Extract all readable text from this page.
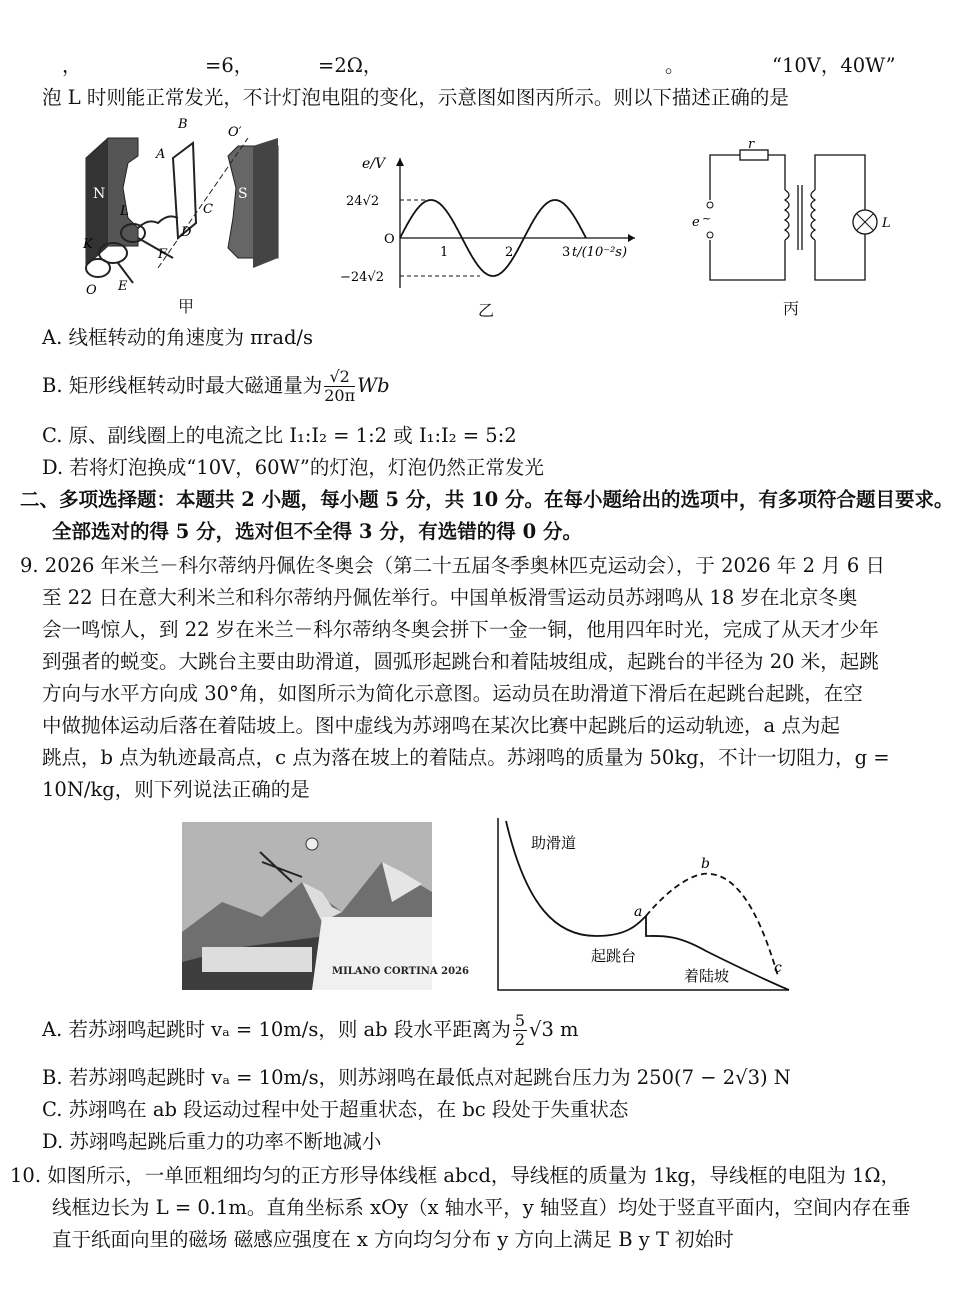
，	=6，	=2Ω，	。	“10V，40W”
泡 L 时则能正常发光，不计灯泡电阻的变化，示意图如图丙所示。则以下描述正确的是
N	S
A
B
C
D
E
F
K
L
O
O′
甲
e/V
24√2
O
−24√2
1	2	3 t/(10⁻²s)
乙
r
e ~	L
丙
A. 线框转动的角速度为 πrad/s
B. 矩形线框转动时最大磁通量为 $\frac{√2}{20\pi}$ Wb
C. 原、副线圈上的电流之比 I₁:I₂ = 1:2 或 I₁:I₂ = 5:2
D. 若将灯泡换成“10V，60W”的灯泡，灯泡仍然正常发光
二、多项选择题：本题共 2 小题，每小题 5 分，共 10 分。在每小题给出的选项中，有多项符合题目要求。
全部选对的得 5 分，选对但不全得 3 分，有选错的得 0 分。
9. 2026 年米兰－科尔蒂纳丹佩佐冬奥会（第二十五届冬季奥林匹克运动会），于 2026 年 2 月 6 日
至 22 日在意大利米兰和科尔蒂纳丹佩佐举行。中国单板滑雪运动员苏翊鸣从 18 岁在北京冬奥
会一鸣惊人，到 22 岁在米兰－科尔蒂纳冬奥会拼下一金一铜，他用四年时光，完成了从天才少年
到强者的蜕变。大跳台主要由助滑道，圆弧形起跳台和着陆坡组成，起跳台的半径为 20 米，起跳
方向与水平方向成 30°角，如图所示为简化示意图。运动员在助滑道下滑后在起跳台起跳，在空
中做抛体运动后落在着陆坡上。图中虚线为苏翊鸣在某次比赛中起跳后的运动轨迹，a 点为起
跳点，b 点为轨迹最高点，c 点为落在坡上的着陆点。苏翊鸣的质量为 50kg，不计一切阻力，g =
10N/kg，则下列说法正确的是
MILANO CORTINA 2026
助滑道
起跳台
着陆坡
a
b
c
A. 若苏翊鸣起跳时 vₐ = 10m/s，则 ab 段水平距离为 $\frac{5}{2} √3$ m
B. 若苏翊鸣起跳时 vₐ = 10m/s，则苏翊鸣在最低点对起跳台压力为 250(7 − 2√3) N
C. 苏翊鸣在 ab 段运动过程中处于超重状态，在 bc 段处于失重状态
D. 苏翊鸣起跳后重力的功率不断地减小
10. 如图所示，一单匝粗细均匀的正方形导体线框 abcd，导线框的质量为 1kg，导线框的电阻为 1Ω，
线框边长为 L = 0.1m。直角坐标系 xOy（x 轴水平，y 轴竖直）均处于竖直平面内，空间内存在垂
直于纸面向里的磁场 磁感应强度在 x 方向均匀分布 y 方向上满足 B y T 初始时
